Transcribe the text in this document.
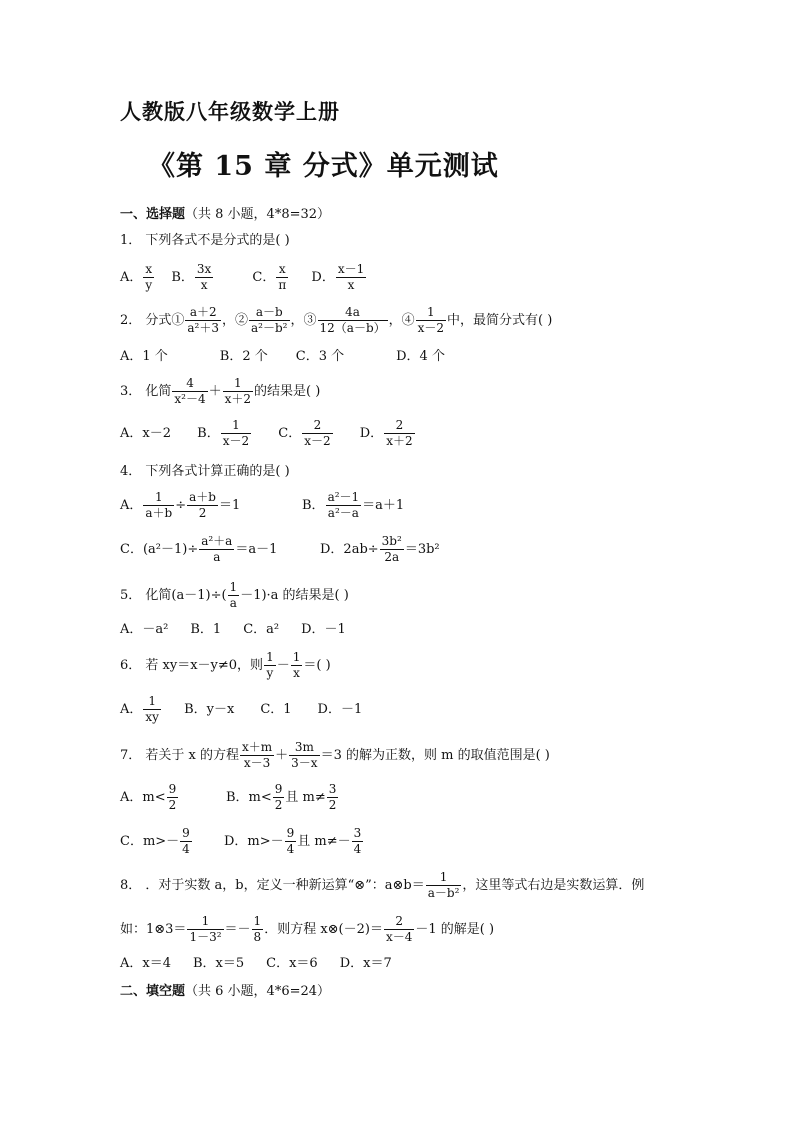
人教版八年级数学上册
《第 15 章 分式》单元测试
一、选择题（共 8 小题，4*8=32）
1． 下列各式不是分式的是( )
A． $\frac{x}{y}$ B． $\frac{3x}{x}$	C． $\frac{x}{\pi}$ D． $\frac{x-1}{x}$
2． 分式① $\frac{a+2}{\text{a²＋3}}$ ，② $\frac{a-b}{\text{a²－b²}}$ ，③ $\frac{4a}{12(a-b)}$ ，④ $\frac{1}{x-2}$ 中，最简分式有( )
A．1 个	B．2 个 C．3 个	D．4 个
3． 化简 $\frac{4}{\text{x²－4}} + \frac{1}{x+2}$ 的结果是( )
A．x－2 B． $\frac{1}{x-2}$ C． $\frac{2}{x-2}$ D． $\frac{2}{x+2}$
4． 下列各式计算正确的是( )
A． $\frac{1}{a+b} \div \frac{a+b}{2} =1$	B． $\frac{\text{a²－1}}{\text{a²－a}} =a+1$
C．$(a^2-1)\div \frac{\text{a²＋a}}{a} =a-1$	D．$2ab\div \frac{\text{3b²}}{2a} =3b^2$
5． 化简$(a-1)\div( \frac{1}{a} -1)\cdot a$ 的结果是( )
A．－a² B．1 C．a² D．－1
6． 若 xy＝x－y≠0，则 $\frac{1}{y} - \frac{1}{x}$ ＝( )
A． $\frac{1}{xy}$ B．y－x C．1 D．－1
7． 若关于 x 的方程 $\frac{x+m}{x-3} + \frac{3m}{3-x} =3$ 的解为正数，则 m 的取值范围是( )
A．$m< \frac{9}{2}$	B．$m< \frac{9}{2}$ 且 $m\ne \frac{3}{2}$
C．$m>- \frac{9}{4}$ D．$m>- \frac{9}{4}$ 且 $m\ne- \frac{3}{4}$
8． ．对于实数 a，b，定义一种新运算“⊗”：a⊗b＝ $\frac{1}{\text{a－b²}}$ ，这里等式右边是实数运算．例
如：1⊗3＝ $\frac{1}{\text{1－3²}} =- \frac{1}{8}$ ．则方程 x⊗(－2)＝ $\frac{2}{x-4} -1$ 的解是( )
A．x＝4 B．x＝5 C．x＝6 D．x＝7
二、填空题（共 6 小题，4*6=24）
